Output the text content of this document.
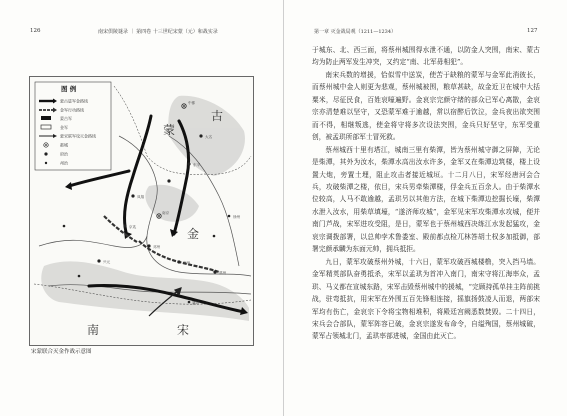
126	南宋倶陵谜录 ｜ 第四卷 十三世纪宋蒙（元）和战实录
中都
大名
东平
凤翔
京兆
南京
邓州
唐州
蔡州
兴元
襄阳
徐州
蒙
古
金
南	宋
图 例
蒙古进军金路线
金军行动路线
蒙古军
金军
蒙宋联军攻灭金路线
都城
府治
州治
宋蒙联合灭金作战示意图
第一章 灭金战局观（1211—1234）	127

于城东、北、西三面，将蔡州城围得水泄不通，以防金人突围，南宋、蒙古均为防止两军发生冲突，又约定“南、北军毋相犯”。

南宋兵数的增援，恰似雪中送炭，使苦于缺粮的蒙军与金军此消彼长，而蔡州城中金人则更为悲观，蔡州城被围，粮草甚缺，故金近卫在城中大括粟米，尽征民食，百姓哀嚎遍野。金哀宗完颜守绪的部众已军心离散，金哀宗亦清楚难以坚守，又恐蒙军难于逾越，常以宿醉后饮泣，金兵夜出欲突围而不得，相继叛逃，使金将守将多次设法突围，金兵只好坚守，东军受重创，被孟珙所部军士冒死救。

蔡州城西十里有塔江，城南三里有柴潭，皆为蔡州城守御之屏障，无论是柴潭，其外为汝水，柴潭水高出汝水许多，金军又在柴潭边筑楼，楼上设置大炮，旁置土埋，阻止攻击者接近城垣。十二月八日，宋军经唐河会合兵，攻破柴潭之楼，依目，宋兵男牵柴潭楼，俘金兵五百余人。由于柴潭水位较高，人马不敢逾越，孟珙另以其他方法，在城下柴潭边挖掘长壕，柴潭水泄入汝水，用柴草填壕，“遂济师攻城”，金军见宋军攻柴潭水攻城，便并南门芦战，宋军进攻受阻，是日，蒙军也于蔡州城西决练江水发起猛攻，金哀宗调拨部署，以总帅孛术鲁娄室、殿前都点检兀林答胡土权多加抵御，部署完颜承麟为东面元帅，拥兵抵拒。

九日，蒙军攻破蔡州外城，十六日，蒙军攻破西城楼橹，突入挡马墙。金军精英部队奋勇抵杀，宋军以孟珙为首冲入南门，南宋守将江海率众，孟珙、马义都在宣城东路，宋军击毁蔡州城中的援城，“完顾持孤单挂主阵前挑战，驻弯抵抗，用宋军在外围五百先锋相连接，摇旗扬鼓凌人而退，两部宋军均有伤亡，金哀宗下令将宝物相堆积，将殿廷宫阙悉数焚毁。二十四日，宋兵会合部队，蒙军阵容已破，金哀宗遂发布命令，自缢殉国，蔡州城破，蒙军占领城北门，孟珙率部进城，金国由此灭亡。
